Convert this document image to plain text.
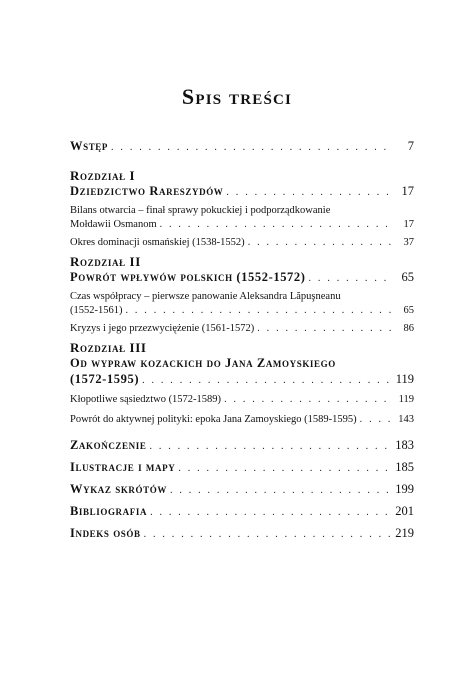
Spis treści
Wstęp . . .	7
Rozdział I
Dziedzictwo Rareszydów . . .	17
Bilans otwarcia – finał sprawy pokuckiej i podporządkowanie
Mołdawii Osmanom . . .	17
Okres dominacji osmańskiej (1538-1552) . . .	37
Rozdział II
Powrót wpływów polskich (1552-1572) . . .	65
Czas współpracy – pierwsze panowanie Aleksandra Lăpuşneanu
(1552-1561) . . .	65
Kryzys i jego przezwyciężenie (1561-1572) . . .	86
Rozdział III
Od wypraw kozackich do Jana Zamoyskiego
(1572-1595) . . .	119
Kłopotliwe sąsiedztwo (1572-1589) . . .	119
Powrót do aktywnej polityki: epoka Jana Zamoyskiego (1589-1595) . . .	143
Zakończenie . . .	183
Ilustracje i mapy . . .	185
Wykaz skrótów . . .	199
Bibliografia . . .	201
Indeks osób . . .	219
